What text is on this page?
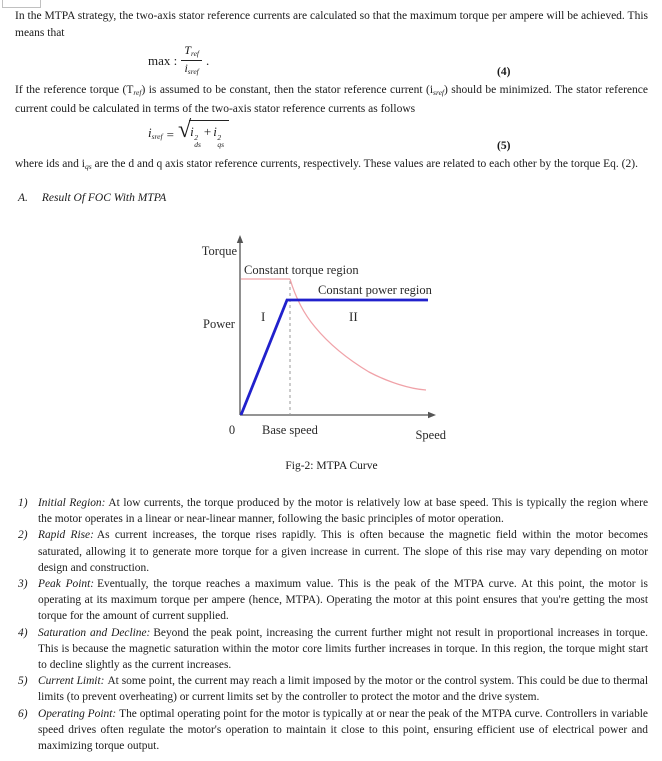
In the MTPA strategy, the two-axis stator reference currents are calculated so that the maximum torque per ampere will be achieved. This means that

max : $\frac{T_{ref}}{i_{sref}}$ .
(4)

If the reference torque $(T_{ref})$ is assumed to be constant, then the stator reference current $(i_{sref})$ should be minimized. The stator reference current could be calculated in terms of the two-axis stator reference currents as follows

$i_{sref}$ = √ i 2
ds
+ i 2
qs	(5)

where ids and $i_{qs}$ are the d and q axis stator reference currents, respectively. These values are related to each other by the torque Eq. (2).

A. Result Of FOC With MTPA

Torque
Constant torque region
Constant power region
Power I	II
0 Base speed	Speed

Fig-2: MTPA Curve

1) Initial Region: At low currents, the torque produced by the motor is relatively low at base speed. This is typically the region where the motor operates in a linear or near-linear manner, following the basic principles of motor operation.
2) Rapid Rise: As current increases, the torque rises rapidly. This is often because the magnetic field within the motor becomes saturated, allowing it to generate more torque for a given increase in current. The slope of this rise may vary depending on motor design and construction.
3) Peak Point: Eventually, the torque reaches a maximum value. This is the peak of the MTPA curve. At this point, the motor is operating at its maximum torque per ampere (hence, MTPA). Operating the motor at this point ensures that you're getting the most torque for the amount of current supplied.
4) Saturation and Decline: Beyond the peak point, increasing the current further might not result in proportional increases in torque. This is because the magnetic saturation within the motor core limits further increases in torque. In this region, the torque might start to decline slightly as the current increases.
5) Current Limit: At some point, the current may reach a limit imposed by the motor or the control system. This could be due to thermal limits (to prevent overheating) or current limits set by the controller to protect the motor and the drive system.
6) Operating Point: The optimal operating point for the motor is typically at or near the peak of the MTPA curve. Controllers in variable speed drives often regulate the motor's operation to maintain it close to this point, ensuring efficient use of electrical power and maximizing torque output.
